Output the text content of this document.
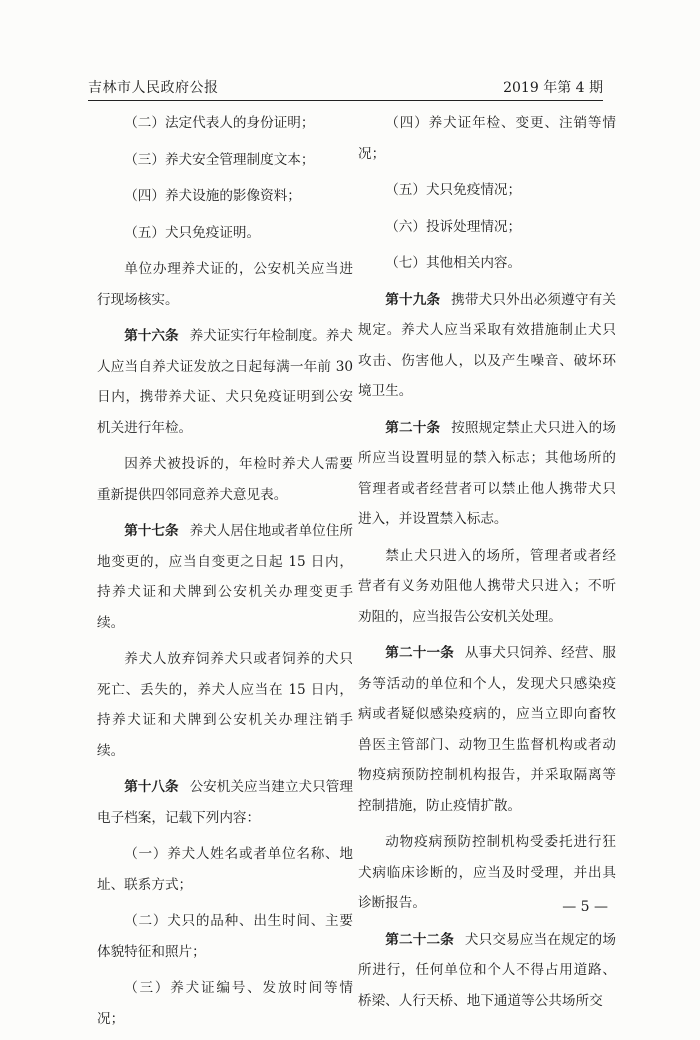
吉林市人民政府公报	2019 年第 4 期

（二）法定代表人的身份证明；

（三）养犬安全管理制度文本；

（四）养犬设施的影像资料；

（五）犬只免疫证明。

单位办理养犬证的，公安机关应当进行现场核实。

第十六条 养犬证实行年检制度。养犬人应当自养犬证发放之日起每满一年前 30 日内，携带养犬证、犬只免疫证明到公安机关进行年检。

因养犬被投诉的，年检时养犬人需要重新提供四邻同意养犬意见表。

第十七条 养犬人居住地或者单位住所地变更的，应当自变更之日起 15 日内，持养犬证和犬牌到公安机关办理变更手续。

养犬人放弃饲养犬只或者饲养的犬只死亡、丢失的，养犬人应当在 15 日内，持养犬证和犬牌到公安机关办理注销手续。

第十八条 公安机关应当建立犬只管理电子档案，记载下列内容：

（一）养犬人姓名或者单位名称、地址、联系方式；

（二）犬只的品种、出生时间、主要体貌特征和照片；

（三）养犬证编号、发放时间等情况；

（四）养犬证年检、变更、注销等情况；

（五）犬只免疫情况；

（六）投诉处理情况；

（七）其他相关内容。

第十九条 携带犬只外出必须遵守有关规定。养犬人应当采取有效措施制止犬只攻击、伤害他人，以及产生噪音、破坏环境卫生。

第二十条 按照规定禁止犬只进入的场所应当设置明显的禁入标志；其他场所的管理者或者经营者可以禁止他人携带犬只进入，并设置禁入标志。

禁止犬只进入的场所，管理者或者经营者有义务劝阻他人携带犬只进入；不听劝阻的，应当报告公安机关处理。

第二十一条 从事犬只饲养、经营、服务等活动的单位和个人，发现犬只感染疫病或者疑似感染疫病的，应当立即向畜牧兽医主管部门、动物卫生监督机构或者动物疫病预防控制机构报告，并采取隔离等控制措施，防止疫情扩散。

动物疫病预防控制机构受委托进行狂犬病临床诊断的，应当及时受理，并出具诊断报告。

第二十二条 犬只交易应当在规定的场所进行，任何单位和个人不得占用道路、桥梁、人行天桥、地下通道等公共场所交

— 5 —
